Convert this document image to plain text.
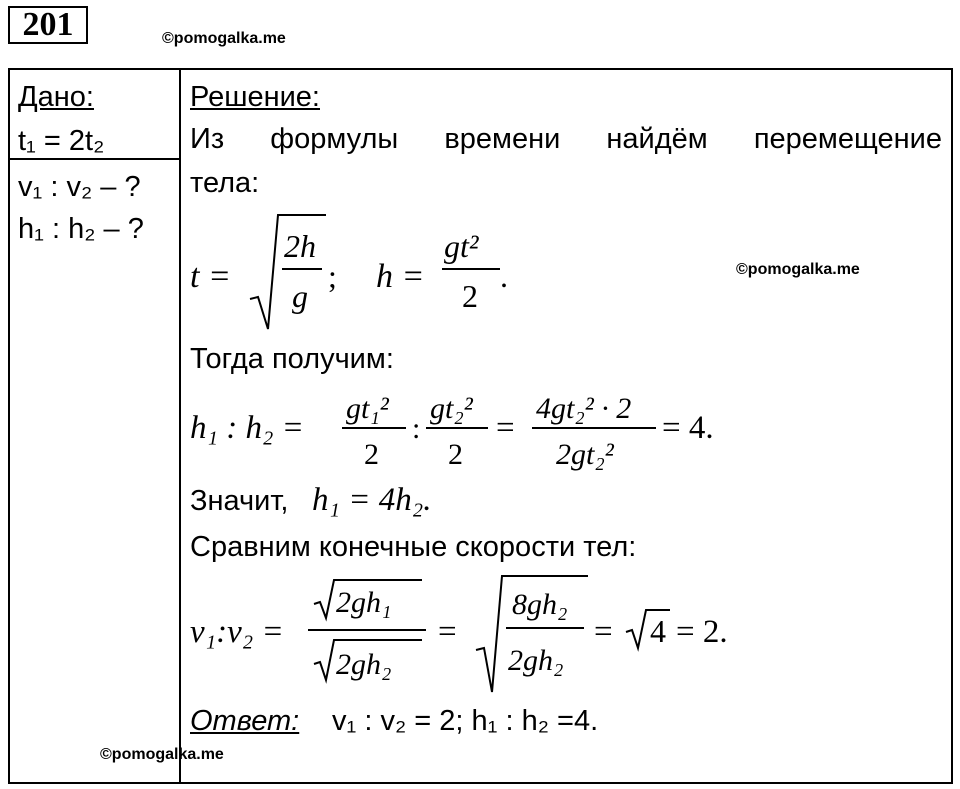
201	©pomogalka.me
Дано:
t₁ = 2t₂
v₁ : v₂ – ?
h₁ : h₂ – ?
Решение:
Из формулы времени найдём перемещение
тела:
t =
2h
g
; h =
gt²
2
.	©pomogalka.me
Тогда получим:
h₁ : h₂ =
gt₁²
2
:
gt₂²
2
=
4gt₂² · 2
2gt₂²
= 4.
Значит, h₁ = 4h₂.
Сравним конечные скорости тел:
v₁:v₂ =
2gh₁
2gh₂
=
8gh₂
2gh₂
= 4 = 2.
Ответ: v₁ : v₂ = 2; h₁ : h₂ =4.
©pomogalka.me
